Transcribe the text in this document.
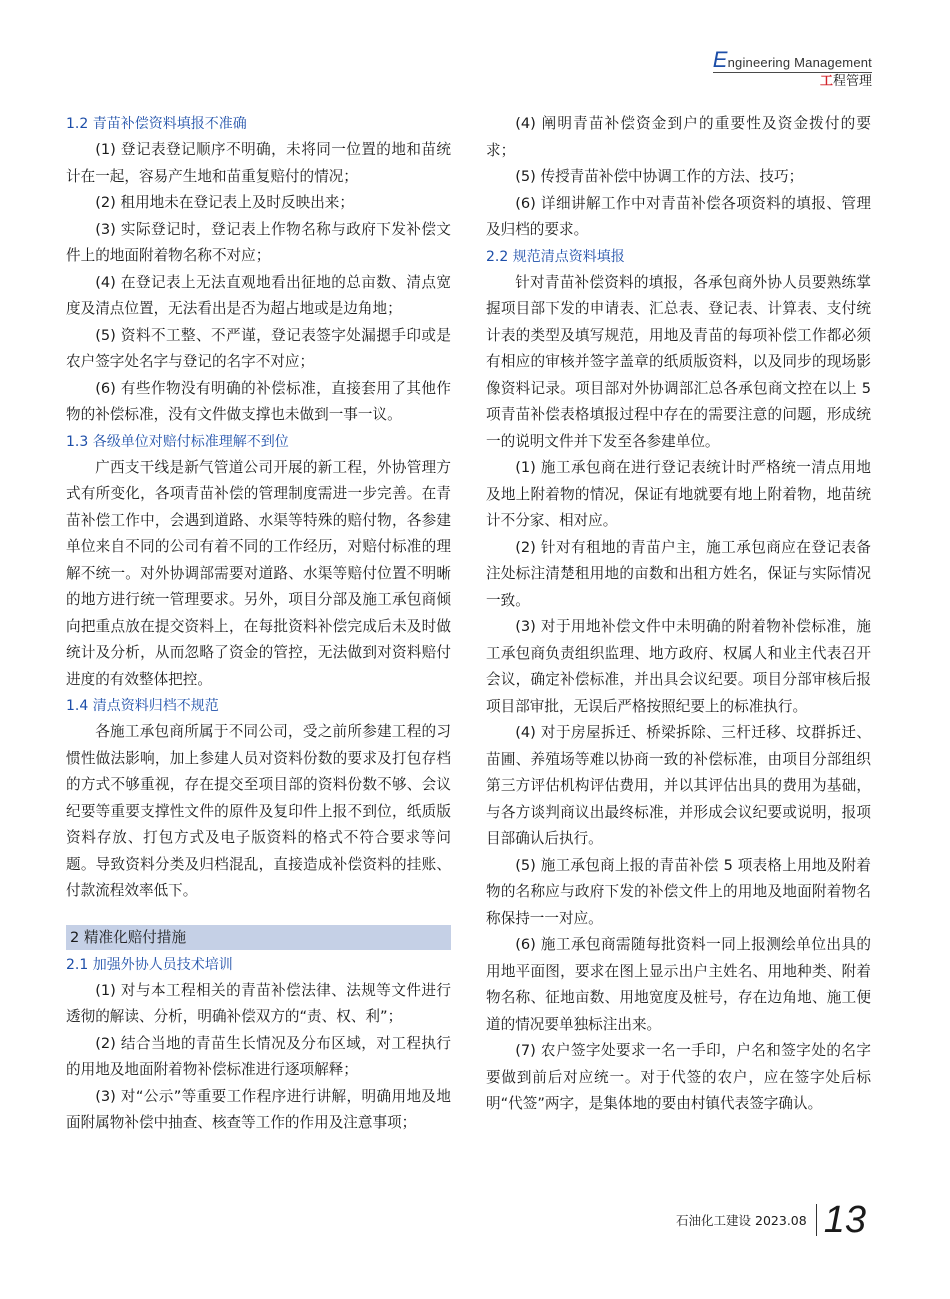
Engineering Management
工程管理
1.2 青苗补偿资料填报不准确

(1) 登记表登记顺序不明确，未将同一位置的地和苗统计在一起，容易产生地和苗重复赔付的情况；

(2) 租用地未在登记表上及时反映出来；

(3) 实际登记时，登记表上作物名称与政府下发补偿文件上的地面附着物名称不对应；

(4) 在登记表上无法直观地看出征地的总亩数、清点宽度及清点位置，无法看出是否为超占地或是边角地；

(5) 资料不工整、不严谨，登记表签字处漏摁手印或是农户签字处名字与登记的名字不对应；

(6) 有些作物没有明确的补偿标准，直接套用了其他作物的补偿标准，没有文件做支撑也未做到一事一议。

1.3 各级单位对赔付标准理解不到位

广西支干线是新气管道公司开展的新工程，外协管理方式有所变化，各项青苗补偿的管理制度需进一步完善。在青苗补偿工作中，会遇到道路、水渠等特殊的赔付物，各参建单位来自不同的公司有着不同的工作经历，对赔付标准的理解不统一。对外协调部需要对道路、水渠等赔付位置不明晰的地方进行统一管理要求。另外，项目分部及施工承包商倾向把重点放在提交资料上，在每批资料补偿完成后未及时做统计及分析，从而忽略了资金的管控，无法做到对资料赔付进度的有效整体把控。

1.4 清点资料归档不规范

各施工承包商所属于不同公司，受之前所参建工程的习惯性做法影响，加上参建人员对资料份数的要求及打包存档的方式不够重视，存在提交至项目部的资料份数不够、会议纪要等重要支撑性文件的原件及复印件上报不到位，纸质版资料存放、打包方式及电子版资料的格式不符合要求等问题。导致资料分类及归档混乱，直接造成补偿资料的挂账、付款流程效率低下。

2 精准化赔付措施
2.1 加强外协人员技术培训

(1) 对与本工程相关的青苗补偿法律、法规等文件进行透彻的解读、分析，明确补偿双方的“责、权、利”；

(2) 结合当地的青苗生长情况及分布区域，对工程执行的用地及地面附着物补偿标准进行逐项解释；

(3) 对“公示”等重要工作程序进行讲解，明确用地及地面附属物补偿中抽查、核查等工作的作用及注意事项；

(4) 阐明青苗补偿资金到户的重要性及资金拨付的要求；

(5) 传授青苗补偿中协调工作的方法、技巧；

(6) 详细讲解工作中对青苗补偿各项资料的填报、管理及归档的要求。

2.2 规范清点资料填报

针对青苗补偿资料的填报，各承包商外协人员要熟练掌握项目部下发的申请表、汇总表、登记表、计算表、支付统计表的类型及填写规范，用地及青苗的每项补偿工作都必须有相应的审核并签字盖章的纸质版资料，以及同步的现场影像资料记录。项目部对外协调部汇总各承包商文控在以上 5 项青苗补偿表格填报过程中存在的需要注意的问题，形成统一的说明文件并下发至各参建单位。

(1) 施工承包商在进行登记表统计时严格统一清点用地及地上附着物的情况，保证有地就要有地上附着物，地苗统计不分家、相对应。

(2) 针对有租地的青苗户主，施工承包商应在登记表备注处标注清楚租用地的亩数和出租方姓名，保证与实际情况一致。

(3) 对于用地补偿文件中未明确的附着物补偿标准，施工承包商负责组织监理、地方政府、权属人和业主代表召开会议，确定补偿标准，并出具会议纪要。项目分部审核后报项目部审批，无误后严格按照纪要上的标准执行。

(4) 对于房屋拆迁、桥梁拆除、三杆迁移、坟群拆迁、苗圃、养殖场等难以协商一致的补偿标准，由项目分部组织第三方评估机构评估费用，并以其评估出具的费用为基础，与各方谈判商议出最终标准，并形成会议纪要或说明，报项目部确认后执行。

(5) 施工承包商上报的青苗补偿 5 项表格上用地及附着物的名称应与政府下发的补偿文件上的用地及地面附着物名称保持一一对应。

(6) 施工承包商需随每批资料一同上报测绘单位出具的用地平面图，要求在图上显示出户主姓名、用地种类、附着物名称、征地亩数、用地宽度及桩号，存在边角地、施工便道的情况要单独标注出来。

(7) 农户签字处要求一名一手印，户名和签字处的名字要做到前后对应统一。对于代签的农户，应在签字处后标明“代签”两字，是集体地的要由村镇代表签字确认。

石油化工建设 2023.08 13
